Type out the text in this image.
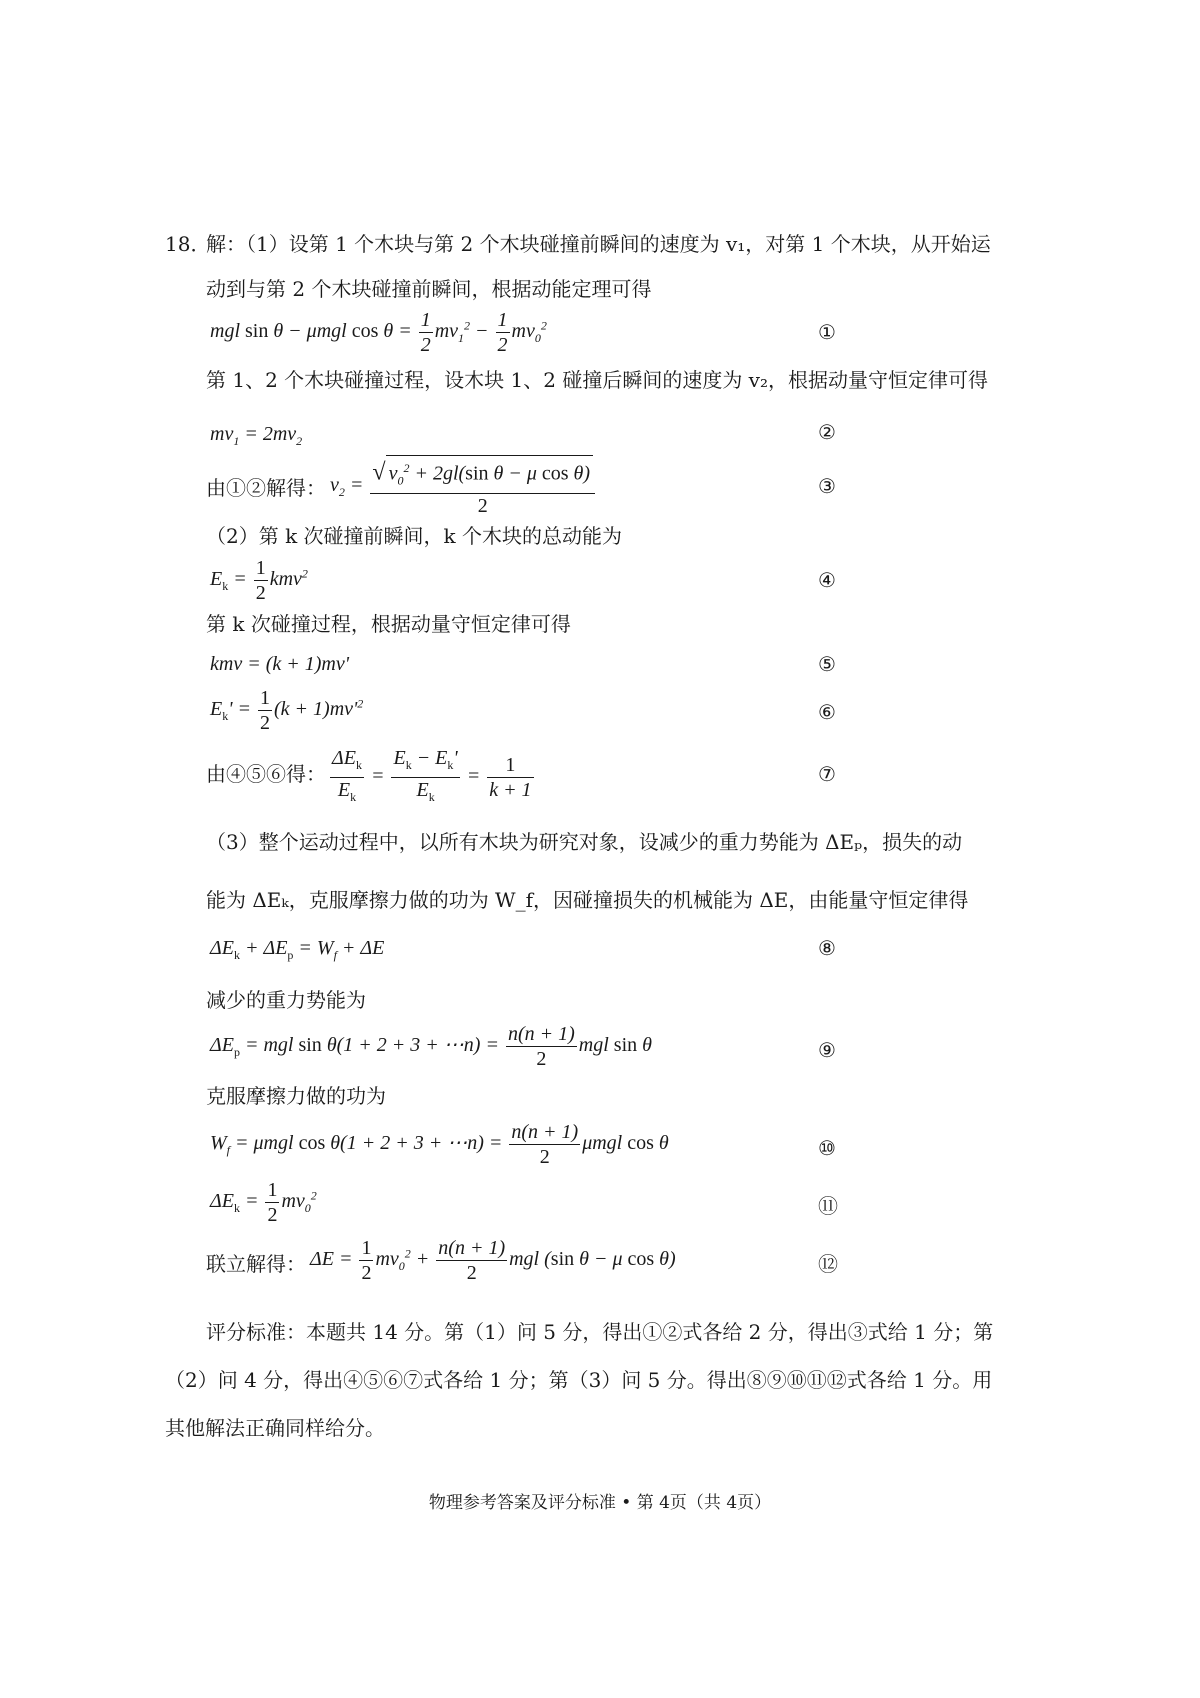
18．
解：（1）设第 1 个木块与第 2 个木块碰撞前瞬间的速度为 v₁，对第 1 个木块，从开始运
动到与第 2 个木块碰撞前瞬间，根据动能定理可得
mgl sin θ − μmgl $\cos \theta = \frac{1}{2} mv_1^2 - \frac{1}{2} mv_0^2$	①
第 1、2 个木块碰撞过程，设木块 1、2 碰撞后瞬间的速度为 v₂，根据动量守恒定律可得
$mv_1 = 2mv_2$	②
由①②解得： $v_2 = \frac{√ v_0^2 + 2gl(\sin \theta - \mu \cos \theta)}{2}$	③
（2）第 k 次碰撞前瞬间，k 个木块的总动能为
$E_k = \frac{1}{2} kmv^2$	④
第 k 次碰撞过程，根据动量守恒定律可得
kmv = (k + 1)mv'	⑤
$E_k' = \frac{1}{2} (k + 1)mv'^2$	⑥
由④⑤⑥得： $\frac{\Delta E_k}{E_k} = \frac{E_k - E_k'}{E_k} = \frac{1}{k + 1}$	⑦
（3）整个运动过程中，以所有木块为研究对象，设减少的重力势能为 ΔEₚ，损失的动
能为 ΔEₖ，克服摩擦力做的功为 W_f，因碰撞损失的机械能为 ΔE，由能量守恒定律得
$\Delta E_k + \Delta E_p = W_f + \Delta E$	⑧
减少的重力势能为
$\Delta E_p$ = mgl sin θ(1 + 2 + 3 + ⋯n) = $\frac{n(n + 1)}{2}$ mgl sin θ	⑨
克服摩擦力做的功为
$W_f = \mu mgl$ cos θ(1 + 2 + 3 + ⋯n) = $\frac{n(n + 1)}{2}$ μmgl cos θ	⑩
$\Delta E_k = \frac{1}{2} mv_0^2$	⑪
联立解得： $\Delta E = \frac{1}{2} mv_0^2 + \frac{n(n + 1)}{2}$ mgl (sin θ − μ cos θ)	⑫
评分标准：本题共 14 分。第（1）问 5 分，得出①②式各给 2 分，得出③式给 1 分；第
（2）问 4 分，得出④⑤⑥⑦式各给 1 分；第（3）问 5 分。得出⑧⑨⑩⑪⑫式各给 1 分。用
其他解法正确同样给分。
物理参考答案及评分标准 • 第 4页（共 4页）
